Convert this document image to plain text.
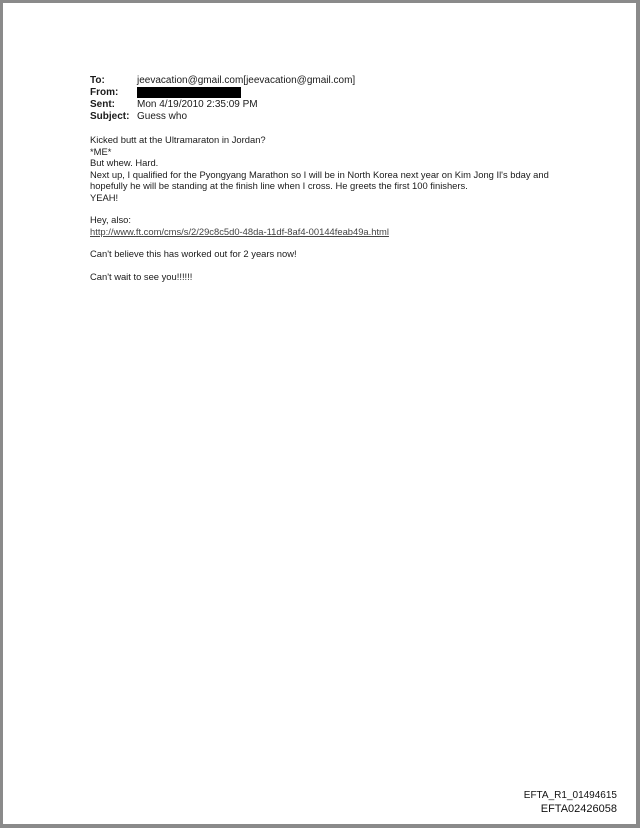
To:	jeevacation@gmail.com[jeevacation@gmail.com]
From:
Sent:	Mon 4/19/2010 2:35:09 PM
Subject: Guess who

Kicked butt at the Ultramaraton in Jordan?

*ME*

But whew. Hard.

Next up, I qualified for the Pyongyang Marathon so I will be in North Korea next year on Kim Jong Il's bday and hopefully he will be standing at the finish line when I cross. He greets the first 100 finishers.

YEAH!

Hey, also:

http://www.ft.com/cms/s/2/29c8c5d0-48da-11df-8af4-00144feab49a.html

Can't believe this has worked out for 2 years now!

Can't wait to see you!!!!!!

EFTA_R1_01494615
EFTA02426058
